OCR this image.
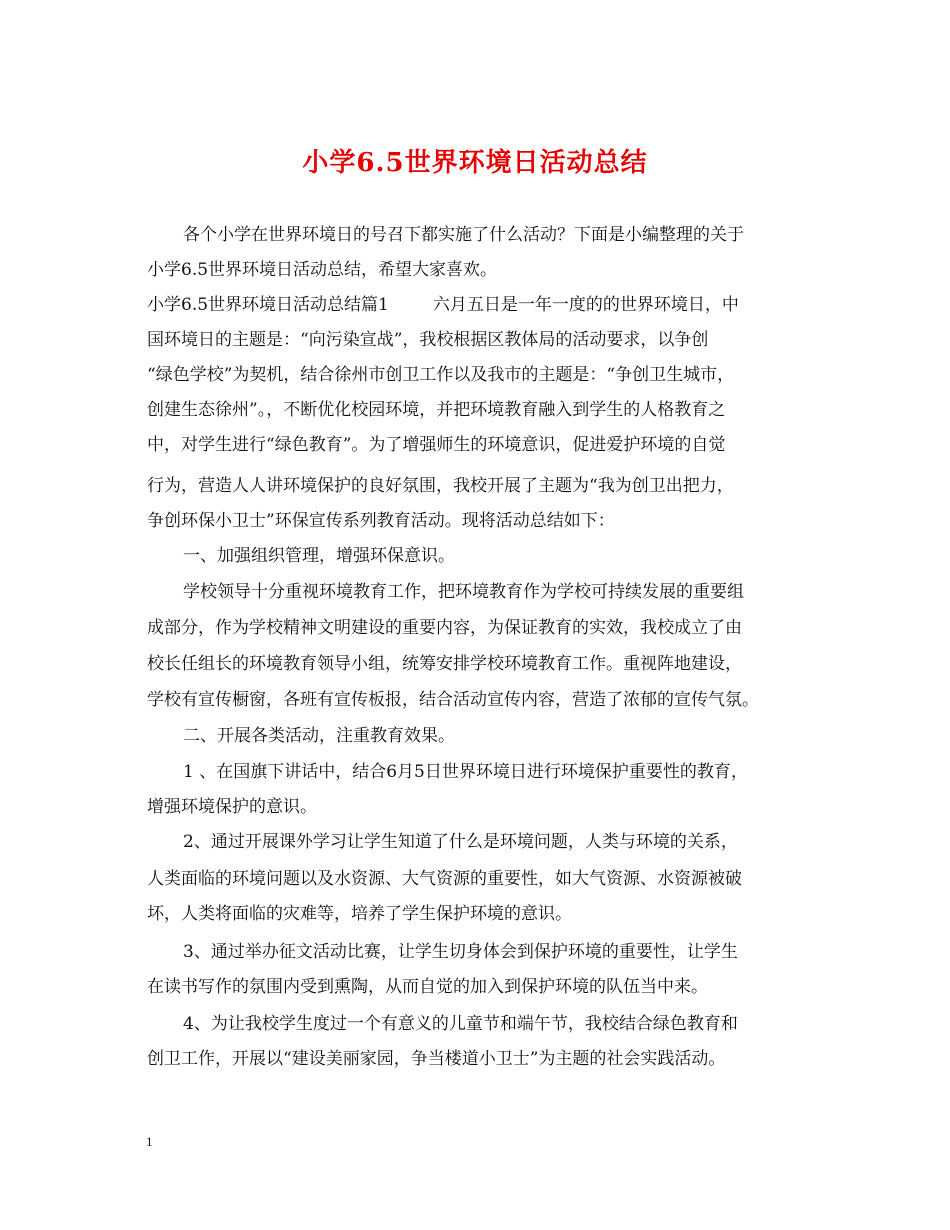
小学6.5世界环境日活动总结
各个小学在世界环境日的号召下都实施了什么活动？下面是小编整理的关于
小学6.5世界环境日活动总结，希望大家喜欢。
小学6.5世界环境日活动总结篇1	六月五日是一年一度的的世界环境日，中
国环境日的主题是：“向污染宣战”，我校根据区教体局的活动要求，以争创
“绿色学校”为契机，结合徐州市创卫工作以及我市的主题是：“争创卫生城市，
创建生态徐州”。，不断优化校园环境，并把环境教育融入到学生的人格教育之
中，对学生进行“绿色教育”。为了增强师生的环境意识，促进爱护环境的自觉
行为，营造人人讲环境保护的良好氛围，我校开展了主题为“我为创卫出把力，
争创环保小卫士”环保宣传系列教育活动。现将活动总结如下：
一、加强组织管理，增强环保意识。
学校领导十分重视环境教育工作，把环境教育作为学校可持续发展的重要组
成部分，作为学校精神文明建设的重要内容，为保证教育的实效，我校成立了由
校长任组长的环境教育领导小组，统筹安排学校环境教育工作。重视阵地建设，
学校有宣传橱窗，各班有宣传板报，结合活动宣传内容，营造了浓郁的宣传气氛。
二、开展各类活动，注重教育效果。
1 、在国旗下讲话中，结合6月5日世界环境日进行环境保护重要性的教育，
增强环境保护的意识。
2、通过开展课外学习让学生知道了什么是环境问题，人类与环境的关系，
人类面临的环境问题以及水资源、大气资源的重要性，如大气资源、水资源被破
坏，人类将面临的灾难等，培养了学生保护环境的意识。
3、通过举办征文活动比赛，让学生切身体会到保护环境的重要性，让学生
在读书写作的氛围内受到熏陶，从而自觉的加入到保护环境的队伍当中来。
4、为让我校学生度过一个有意义的儿童节和端午节，我校结合绿色教育和
创卫工作，开展以“建设美丽家园，争当楼道小卫士”为主题的社会实践活动。
1
